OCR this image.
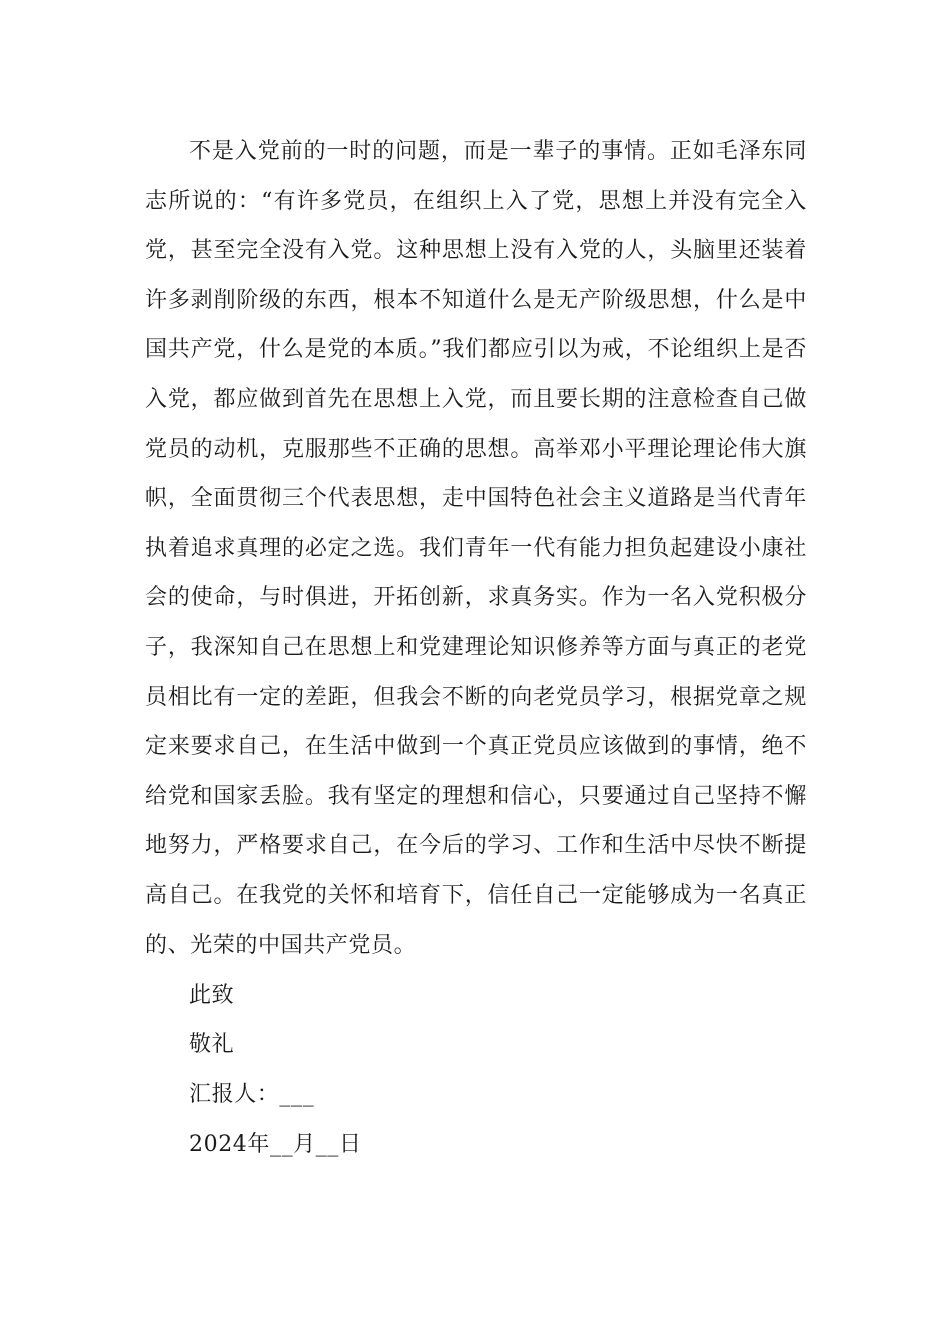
不是入党前的一时的问题，而是一辈子的事情。正如毛泽东同志所说的：“有许多党员，在组织上入了党，思想上并没有完全入党，甚至完全没有入党。这种思想上没有入党的人，头脑里还装着许多剥削阶级的东西，根本不知道什么是无产阶级思想，什么是中国共产党，什么是党的本质。”我们都应引以为戒，不论组织上是否入党，都应做到首先在思想上入党，而且要长期的注意检查自己做党员的动机，克服那些不正确的思想。高举邓小平理论理论伟大旗帜，全面贯彻三个代表思想，走中国特色社会主义道路是当代青年执着追求真理的必定之选。我们青年一代有能力担负起建设小康社会的使命，与时俱进，开拓创新，求真务实。作为一名入党积极分子，我深知自己在思想上和党建理论知识修养等方面与真正的老党员相比有一定的差距，但我会不断的向老党员学习，根据党章之规定来要求自己，在生活中做到一个真正党员应该做到的事情，绝不给党和国家丢脸。我有坚定的理想和信心，只要通过自己坚持不懈地努力，严格要求自己，在今后的学习、工作和生活中尽快不断提高自己。在我党的关怀和培育下，信任自己一定能够成为一名真正的、光荣的中国共产党员。

此致

敬礼

汇报人：___

2024年__月__日
